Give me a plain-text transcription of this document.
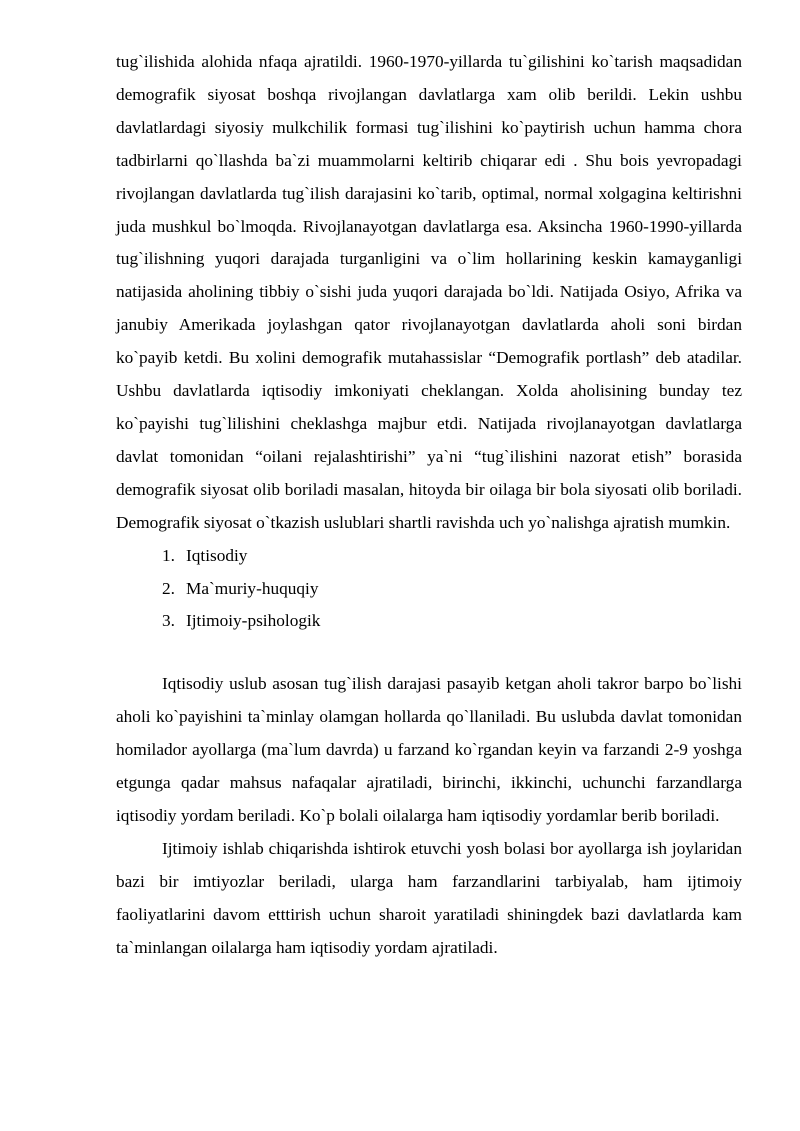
tug`ilishida alohida nfaqa ajratildi. 1960-1970-yillarda tu`gilishini ko`tarish maqsadidan demografik siyosat boshqa rivojlangan davlatlarga xam olib berildi. Lekin ushbu davlatlardagi siyosiy mulkchilik formasi tug`ilishini ko`paytirish uchun hamma chora tadbirlarni qo`llashda ba`zi muammolarni keltirib chiqarar edi . Shu bois yevropadagi rivojlangan davlatlarda tug`ilish darajasini ko`tarib, optimal, normal xolgagina keltirishni juda mushkul bo`lmoqda. Rivojlanayotgan davlatlarga esa. Aksincha 1960-1990-yillarda tug`ilishning yuqori darajada turganligini va o`lim hollarining keskin kamayganligi natijasida aholining tibbiy o`sishi juda yuqori darajada bo`ldi. Natijada Osiyo, Afrika va janubiy Amerikada joylashgan qator rivojlanayotgan davlatlarda aholi soni birdan ko`payib ketdi. Bu xolini demografik mutahassislar “Demografik portlash” deb atadilar. Ushbu davlatlarda iqtisodiy imkoniyati cheklangan. Xolda aholisining bunday tez ko`payishi tug`lilishini cheklashga majbur etdi. Natijada rivojlanayotgan davlatlarga davlat tomonidan “oilani rejalashtirishi” ya`ni “tug`ilishini nazorat etish” borasida demografik siyosat olib boriladi masalan, hitoyda bir oilaga bir bola siyosati olib boriladi. Demografik siyosat o`tkazish uslublari shartli ravishda uch yo`nalishga ajratish mumkin.

1. Iqtisodiy
2. Ma`muriy-huquqiy
3. Ijtimoiy-psihologik

Iqtisodiy uslub asosan tug`ilish darajasi pasayib ketgan aholi takror barpo bo`lishi aholi ko`payishini ta`minlay olamgan hollarda qo`llaniladi. Bu uslubda davlat tomonidan homilador ayollarga (ma`lum davrda) u farzand ko`rgandan keyin va farzandi 2-9 yoshga etgunga qadar mahsus nafaqalar ajratiladi, birinchi, ikkinchi, uchunchi farzandlarga iqtisodiy yordam beriladi. Ko`p bolali oilalarga ham iqtisodiy yordamlar berib boriladi.

Ijtimoiy ishlab chiqarishda ishtirok etuvchi yosh bolasi bor ayollarga ish joylaridan bazi bir imtiyozlar beriladi, ularga ham farzandlarini tarbiyalab, ham ijtimoiy faoliyatlarini davom etttirish uchun sharoit yaratiladi shiningdek bazi davlatlarda kam ta`minlangan oilalarga ham iqtisodiy yordam ajratiladi.
